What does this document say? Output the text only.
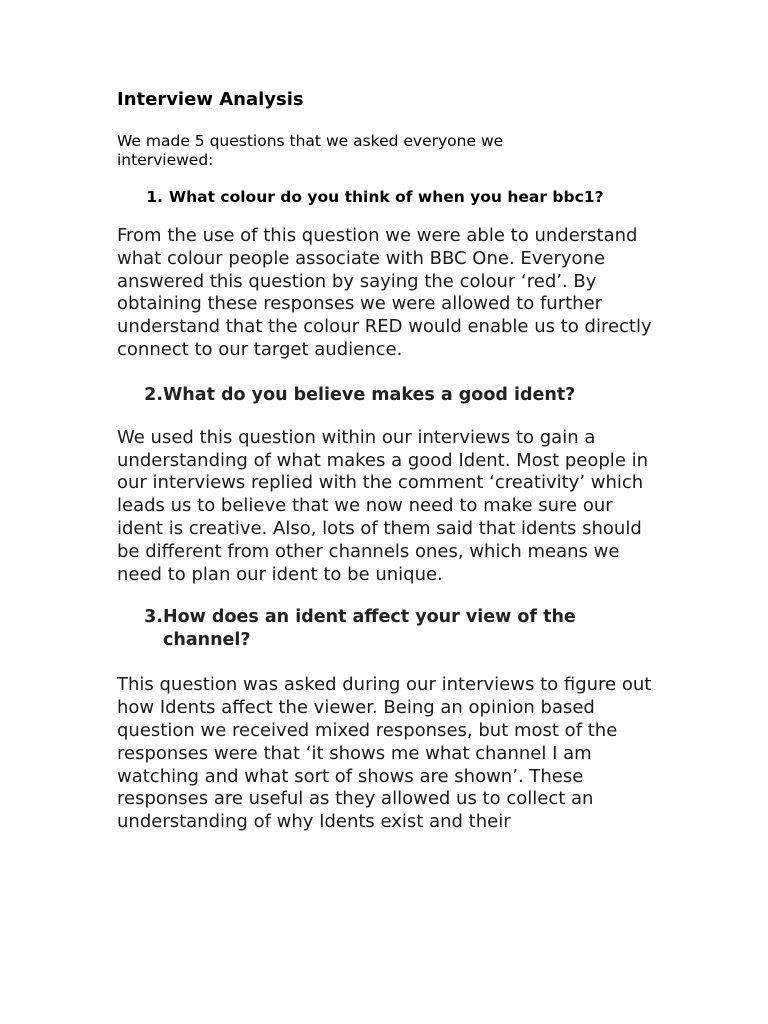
Interview Analysis

We made 5 questions that we asked everyone we interviewed:

1. What colour do you think of when you hear bbc1?

From the use of this question we were able to understand what colour people associate with BBC One. Everyone answered this question by saying the colour ‘red’. By obtaining these responses we were allowed to further understand that the colour RED would enable us to directly connect to our target audience.

2. What do you believe makes a good ident?

We used this question within our interviews to gain a understanding of what makes a good Ident. Most people in our interviews replied with the comment ‘creativity’ which leads us to believe that we now need to make sure our ident is creative. Also, lots of them said that idents should be different from other channels ones, which means we need to plan our ident to be unique.

3. How does an ident affect your view of the channel?

This question was asked during our interviews to figure out how Idents affect the viewer. Being an opinion based question we received mixed responses, but most of the responses were that ‘it shows me what channel I am watching and what sort of shows are shown’. These responses are useful as they allowed us to collect an understanding of why Idents exist and their
